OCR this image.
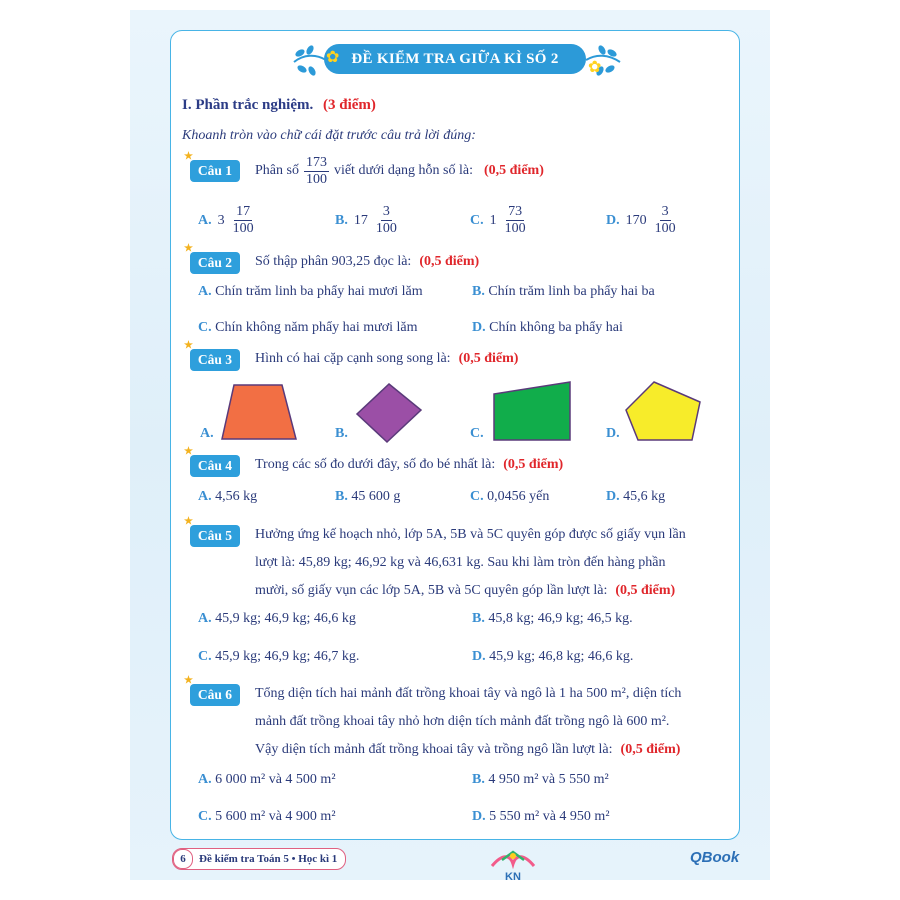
ĐỀ KIỂM TRA GIỮA KÌ SỐ 2
✿
✿
I. Phần trắc nghiệm. (3 điểm)
Khoanh tròn vào chữ cái đặt trước câu trả lời đúng:
★
Câu 1 Phân số $\frac{173}{100}$ viết dưới dạng hỗn số là: (0,5 điểm)
A. $3 \frac{17}{100}$	B. $17 \frac{3}{100}$	C. $1 \frac{73}{100}$	D. $170 \frac{3}{100}$
★
Câu 2 Số thập phân 903,25 đọc là: (0,5 điểm)
A. Chín trăm linh ba phẩy hai mươi lăm	B. Chín trăm linh ba phẩy hai ba
C. Chín không năm phẩy hai mươi lăm	D. Chín không ba phẩy hai
★
Câu 3 Hình có hai cặp cạnh song song là: (0,5 điểm)
A.	B.	C.	D.
★
Câu 4 Trong các số đo dưới đây, số đo bé nhất là: (0,5 điểm)
A. 4,56 kg	B. 45 600 g	C. 0,0456 yến	D. 45,6 kg
★
Câu 5 Hưởng ứng kế hoạch nhỏ, lớp 5A, 5B và 5C quyên góp được số giấy vụn lần
lượt là: 45,89 kg; 46,92 kg và 46,631 kg. Sau khi làm tròn đến hàng phần
mười, số giấy vụn các lớp 5A, 5B và 5C quyên góp lần lượt là: (0,5 điểm)
A. 45,9 kg; 46,9 kg; 46,6 kg	B. 45,8 kg; 46,9 kg; 46,5 kg.
C. 45,9 kg; 46,9 kg; 46,7 kg.	D. 45,9 kg; 46,8 kg; 46,6 kg.
★
Câu 6 Tổng diện tích hai mảnh đất trồng khoai tây và ngô là 1 ha 500 m², diện tích
mảnh đất trồng khoai tây nhỏ hơn diện tích mảnh đất trồng ngô là 600 m².
Vậy diện tích mảnh đất trồng khoai tây và trồng ngô lần lượt là: (0,5 điểm)
A. 6 000 m² và 4 500 m²	B. 4 950 m² và 5 550 m²
C. 5 600 m² và 4 900 m²	D. 5 550 m² và 4 950 m²
6	Đề kiểm tra Toán 5 • Học kì 1
KN
QBook
